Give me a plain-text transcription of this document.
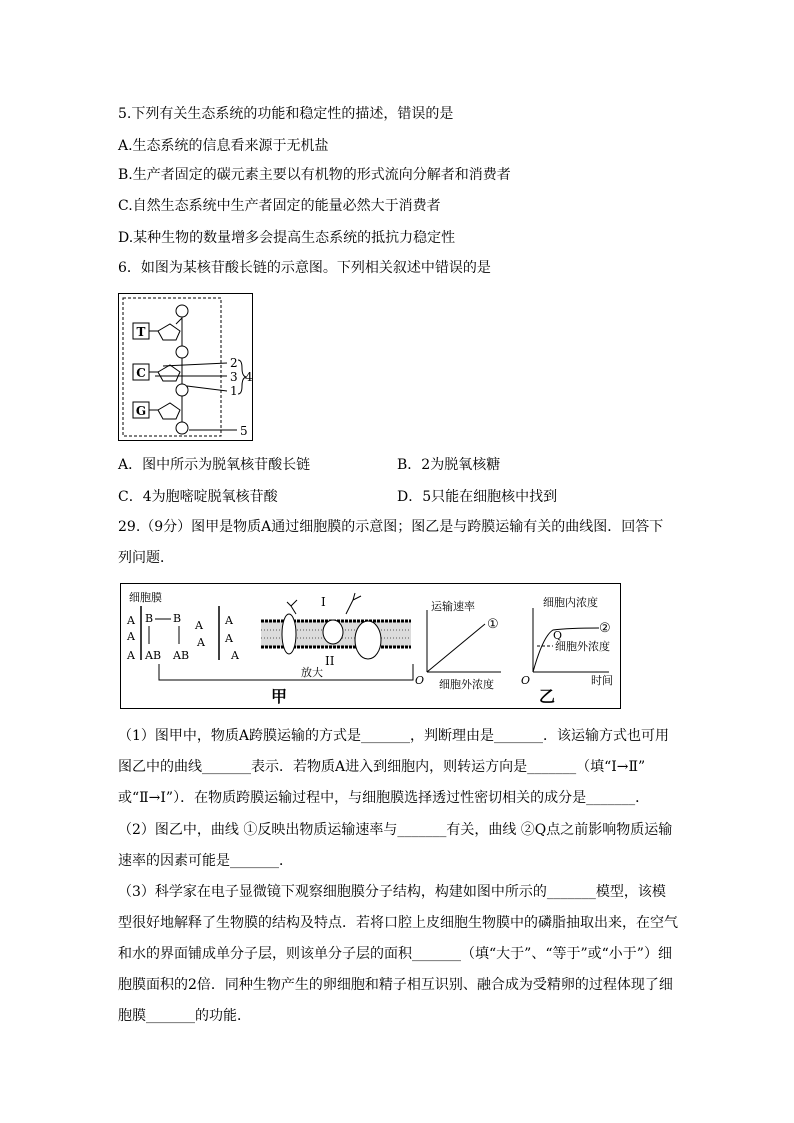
5.下列有关生态系统的功能和稳定性的描述，错误的是
A.生态系统的信息看来源于无机盐
B.生产者固定的碳元素主要以有机物的形式流向分解者和消费者
C.自然生态系统中生产者固定的能量必然大于消费者
D.某种生物的数量增多会提高生态系统的抵抗力稳定性
6．如图为某核苷酸长链的示意图。下列相关叙述中错误的是
T
C
G
2
3
1
4
5
A．图中所示为脱氧核苷酸长链	B．2为脱氧核糖
C．4为胞嘧啶脱氧核苷酸	D．5只能在细胞核中找到
29.（9分）图甲是物质A通过细胞膜的示意图；图乙是与跨膜运输有关的曲线图．回答下
列问题．
细胞膜
B B
A
A
A
A
AB AB
A
A
A
A
放大
甲
I
II
运输速率
细胞外浓度
O
①
细胞内浓度
时间
O
②
Q
细胞外浓度
乙
（1）图甲中，物质A跨膜运输的方式是_______，判断理由是_______．该运输方式也可用
图乙中的曲线_______表示．若物质A进入到细胞内，则转运方向是_______（填“Ⅰ→Ⅱ”
或“Ⅱ→Ⅰ”）．在物质跨膜运输过程中，与细胞膜选择透过性密切相关的成分是_______．
（2）图乙中，曲线 ①反映出物质运输速率与_______有关，曲线 ②Q点之前影响物质运输
速率的因素可能是_______．
（3）科学家在电子显微镜下观察细胞膜分子结构，构建如图中所示的_______模型，该模
型很好地解释了生物膜的结构及特点．若将口腔上皮细胞生物膜中的磷脂抽取出来，在空气
和水的界面铺成单分子层，则该单分子层的面积_______（填“大于”、“等于”或“小于”）细
胞膜面积的2倍．同种生物产生的卵细胞和精子相互识别、融合成为受精卵的过程体现了细
胞膜_______的功能．
